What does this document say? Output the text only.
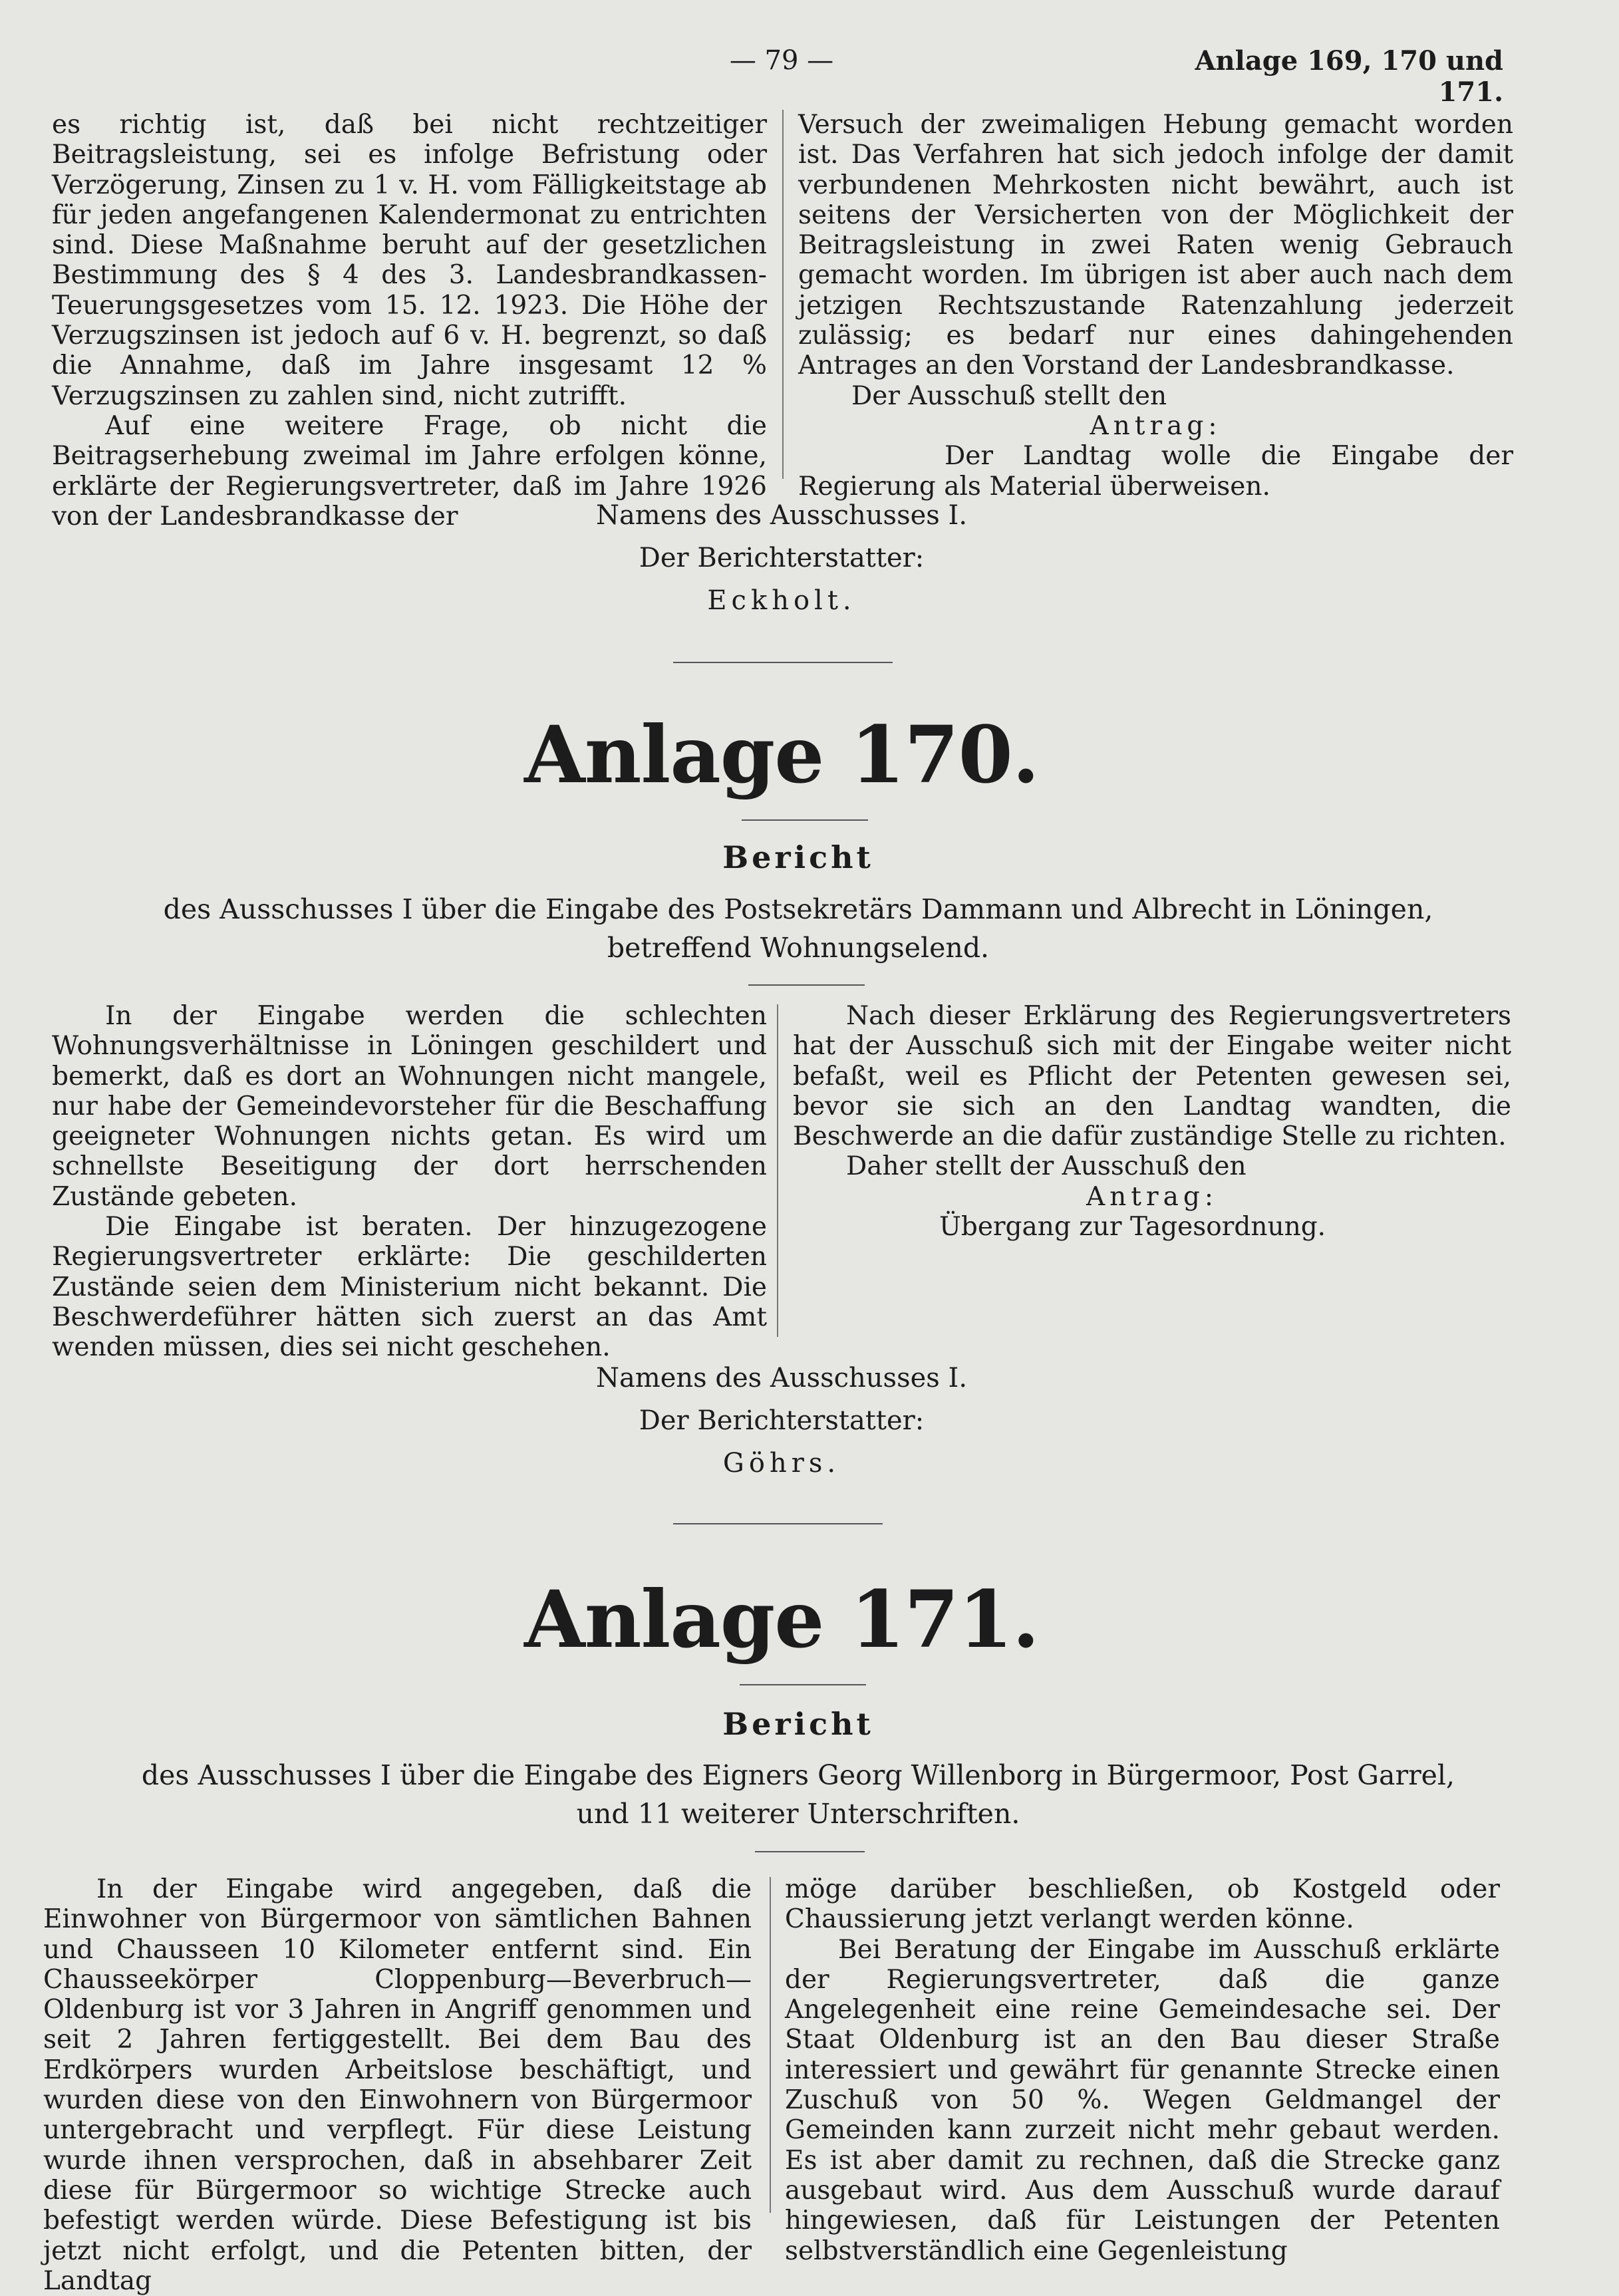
— 79 —	Anlage 169, 170 und 171.

es richtig ist, daß bei nicht rechtzeitiger Beitragsleistung, sei es infolge Befristung oder Verzögerung, Zinsen zu 1 v. H. vom Fälligkeitstage ab für jeden angefangenen Kalendermonat zu entrichten sind. Diese Maßnahme beruht auf der gesetzlichen Bestimmung des § 4 des 3. Landesbrandkassen-Teuerungsgesetzes vom 15. 12. 1923. Die Höhe der Verzugszinsen ist jedoch auf 6 v. H. begrenzt, so daß die Annahme, daß im Jahre insgesamt 12 % Verzugszinsen zu zahlen sind, nicht zutrifft.

Auf eine weitere Frage, ob nicht die Beitragserhebung zweimal im Jahre erfolgen könne, erklärte der Regierungsvertreter, daß im Jahre 1926 von der Landesbrandkasse der

Versuch der zweimaligen Hebung gemacht worden ist. Das Verfahren hat sich jedoch infolge der damit verbundenen Mehrkosten nicht bewährt, auch ist seitens der Versicherten von der Möglichkeit der Beitragsleistung in zwei Raten wenig Gebrauch gemacht worden. Im übrigen ist aber auch nach dem jetzigen Rechtszustande Ratenzahlung jederzeit zulässig; es bedarf nur eines dahingehenden Antrages an den Vorstand der Landesbrandkasse.

Der Ausschuß stellt den

Antrag:

Der Landtag wolle die Eingabe der Regierung als Material überweisen.

Namens des Ausschusses I.
Der Berichterstatter:
Eckholt.
Anlage 170.
Bericht
des Ausschusses I über die Eingabe des Postsekretärs Dammann und Albrecht in Löningen,
betreffend Wohnungselend.

In der Eingabe werden die schlechten Wohnungsverhältnisse in Löningen geschildert und bemerkt, daß es dort an Wohnungen nicht mangele, nur habe der Gemeindevorsteher für die Beschaffung geeigneter Wohnungen nichts getan. Es wird um schnellste Beseitigung der dort herrschenden Zustände gebeten.

Die Eingabe ist beraten. Der hinzugezogene Regierungsvertreter erklärte: Die geschilderten Zustände seien dem Ministerium nicht bekannt. Die Beschwerdeführer hätten sich zuerst an das Amt wenden müssen, dies sei nicht geschehen.

Nach dieser Erklärung des Regierungsvertreters hat der Ausschuß sich mit der Eingabe weiter nicht befaßt, weil es Pflicht der Petenten gewesen sei, bevor sie sich an den Landtag wandten, die Beschwerde an die dafür zuständige Stelle zu richten.

Daher stellt der Ausschuß den

Antrag:

Übergang zur Tagesordnung.

Namens des Ausschusses I.
Der Berichterstatter:
Göhrs.
Anlage 171.
Bericht
des Ausschusses I über die Eingabe des Eigners Georg Willenborg in Bürgermoor, Post Garrel,
und 11 weiterer Unterschriften.

In der Eingabe wird angegeben, daß die Einwohner von Bürgermoor von sämtlichen Bahnen und Chausseen 10 Kilometer entfernt sind. Ein Chausseekörper Cloppenburg—Beverbruch—Oldenburg ist vor 3 Jahren in Angriff genommen und seit 2 Jahren fertiggestellt. Bei dem Bau des Erdkörpers wurden Arbeitslose beschäftigt, und wurden diese von den Einwohnern von Bürgermoor untergebracht und verpflegt. Für diese Leistung wurde ihnen versprochen, daß in absehbarer Zeit diese für Bürgermoor so wichtige Strecke auch befestigt werden würde. Diese Befestigung ist bis jetzt nicht erfolgt, und die Petenten bitten, der Landtag

möge darüber beschließen, ob Kostgeld oder Chaussierung jetzt verlangt werden könne.

Bei Beratung der Eingabe im Ausschuß erklärte der Regierungsvertreter, daß die ganze Angelegenheit eine reine Gemeindesache sei. Der Staat Oldenburg ist an den Bau dieser Straße interessiert und gewährt für genannte Strecke einen Zuschuß von 50 %. Wegen Geldmangel der Gemeinden kann zurzeit nicht mehr gebaut werden. Es ist aber damit zu rechnen, daß die Strecke ganz ausgebaut wird. Aus dem Ausschuß wurde darauf hingewiesen, daß für Leistungen der Petenten selbstverständlich eine Gegenleistung
